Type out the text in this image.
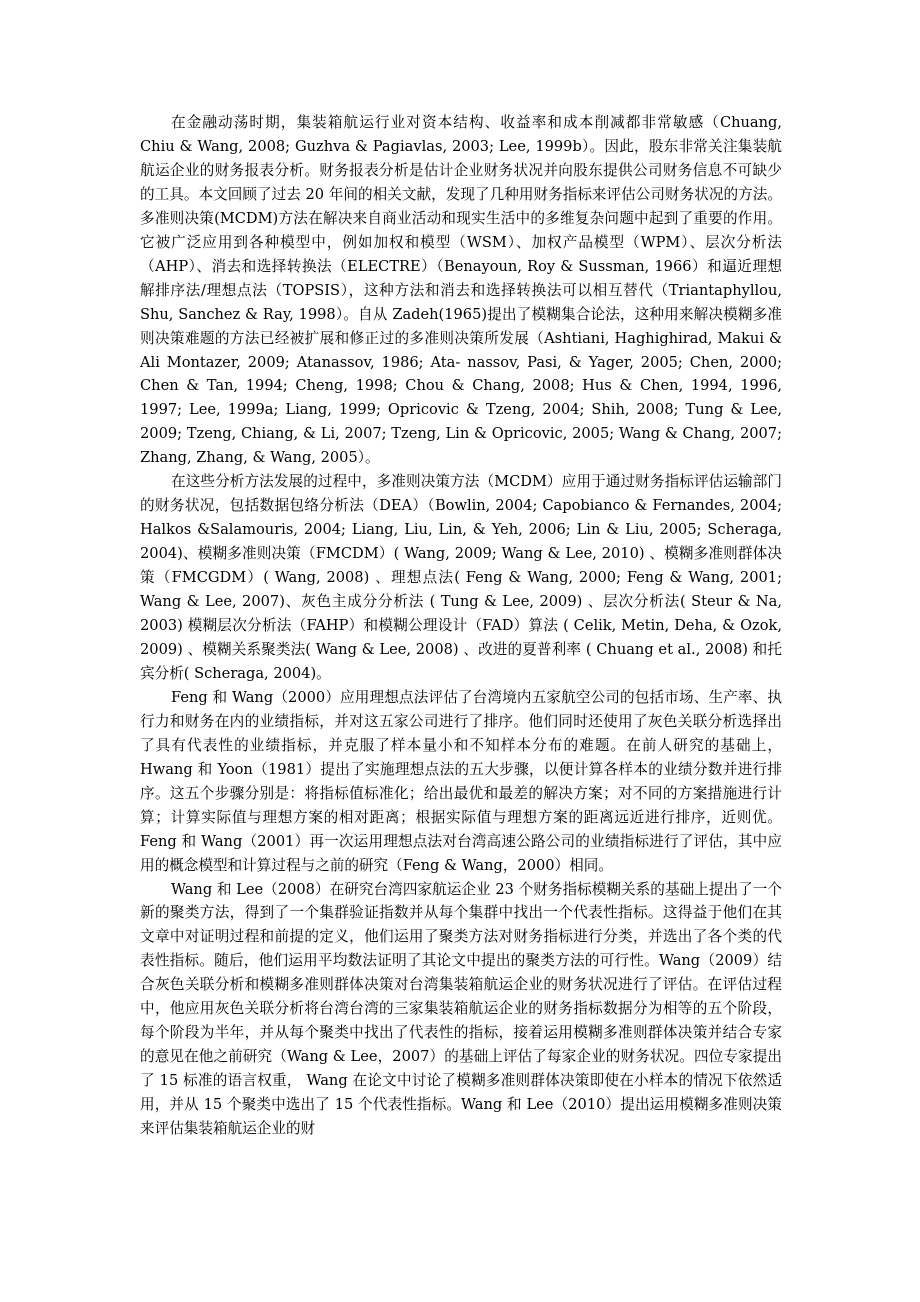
在金融动荡时期，集装箱航运行业对资本结构、收益率和成本削减都非常敏感（Chuang, Chiu & Wang, 2008; Guzhva & Pagiavlas, 2003; Lee, 1999b）。因此，股东非常关注集装航航运企业的财务报表分析。财务报表分析是估计企业财务状况并向股东提供公司财务信息不可缺少的工具。本文回顾了过去 20 年间的相关文献，发现了几种用财务指标来评估公司财务状况的方法。多准则决策(MCDM)方法在解决来自商业活动和现实生活中的多维复杂问题中起到了重要的作用。它被广泛应用到各种模型中，例如加权和模型（WSM）、加权产品模型（WPM）、层次分析法（AHP）、消去和选择转换法（ELECTRE）（Benayoun, Roy & Sussman, 1966）和逼近理想解排序法/理想点法（TOPSIS），这种方法和消去和选择转换法可以相互替代（Triantaphyllou, Shu, Sanchez & Ray, 1998）。自从 Zadeh(1965)提出了模糊集合论法，这种用来解决模糊多准则决策难题的方法已经被扩展和修正过的多准则决策所发展（Ashtiani, Haghighirad, Makui & Ali Montazer, 2009; Atanassov, 1986; Ata- nassov, Pasi, & Yager, 2005; Chen, 2000; Chen & Tan, 1994; Cheng, 1998; Chou & Chang, 2008; Hus & Chen, 1994, 1996, 1997; Lee, 1999a; Liang, 1999; Opricovic & Tzeng, 2004; Shih, 2008; Tung & Lee, 2009; Tzeng, Chiang, & Li, 2007; Tzeng, Lin & Opricovic, 2005; Wang & Chang, 2007; Zhang, Zhang, & Wang, 2005）。

在这些分析方法发展的过程中，多准则决策方法（MCDM）应用于通过财务指标评估运输部门的财务状况，包括数据包络分析法（DEA）（Bowlin, 2004; Capobianco & Fernandes, 2004; Halkos &Salamouris, 2004; Liang, Liu, Lin, & Yeh, 2006; Lin & Liu, 2005; Scheraga, 2004)、模糊多准则决策（FMCDM）( Wang, 2009; Wang & Lee, 2010) 、模糊多准则群体决策（FMCGDM）( Wang, 2008) 、理想点法( Feng & Wang, 2000; Feng & Wang, 2001; Wang & Lee, 2007)、灰色主成分分析法 ( Tung & Lee, 2009) 、层次分析法( Steur & Na, 2003) 模糊层次分析法（FAHP）和模糊公理设计（FAD）算法 ( Celik, Metin, Deha, & Ozok, 2009) 、模糊关系聚类法( Wang & Lee, 2008) 、改进的夏普利率 ( Chuang et al., 2008) 和托宾分析( Scheraga, 2004)。

Feng 和 Wang（2000）应用理想点法评估了台湾境内五家航空公司的包括市场、生产率、执行力和财务在内的业绩指标，并对这五家公司进行了排序。他们同时还使用了灰色关联分析选择出了具有代表性的业绩指标，并克服了样本量小和不知样本分布的难题。在前人研究的基础上，Hwang 和 Yoon（1981）提出了实施理想点法的五大步骤，以便计算各样本的业绩分数并进行排序。这五个步骤分别是：将指标值标准化；给出最优和最差的解决方案；对不同的方案措施进行计算；计算实际值与理想方案的相对距离；根据实际值与理想方案的距离远近进行排序，近则优。Feng 和 Wang（2001）再一次运用理想点法对台湾高速公路公司的业绩指标进行了评估，其中应用的概念模型和计算过程与之前的研究（Feng & Wang，2000）相同。

Wang 和 Lee（2008）在研究台湾四家航运企业 23 个财务指标模糊关系的基础上提出了一个新的聚类方法，得到了一个集群验证指数并从每个集群中找出一个代表性指标。这得益于他们在其文章中对证明过程和前提的定义，他们运用了聚类方法对财务指标进行分类，并选出了各个类的代表性指标。随后，他们运用平均数法证明了其论文中提出的聚类方法的可行性。Wang（2009）结合灰色关联分析和模糊多准则群体决策对台湾集装箱航运企业的财务状况进行了评估。在评估过程中，他应用灰色关联分析将台湾台湾的三家集装箱航运企业的财务指标数据分为相等的五个阶段，每个阶段为半年，并从每个聚类中找出了代表性的指标，接着运用模糊多准则群体决策并结合专家的意见在他之前研究（Wang & Lee，2007）的基础上评估了每家企业的财务状况。四位专家提出了 15 标准的语言权重， Wang 在论文中讨论了模糊多准则群体决策即使在小样本的情况下依然适用，并从 15 个聚类中选出了 15 个代表性指标。Wang 和 Lee（2010）提出运用模糊多准则决策来评估集装箱航运企业的财
